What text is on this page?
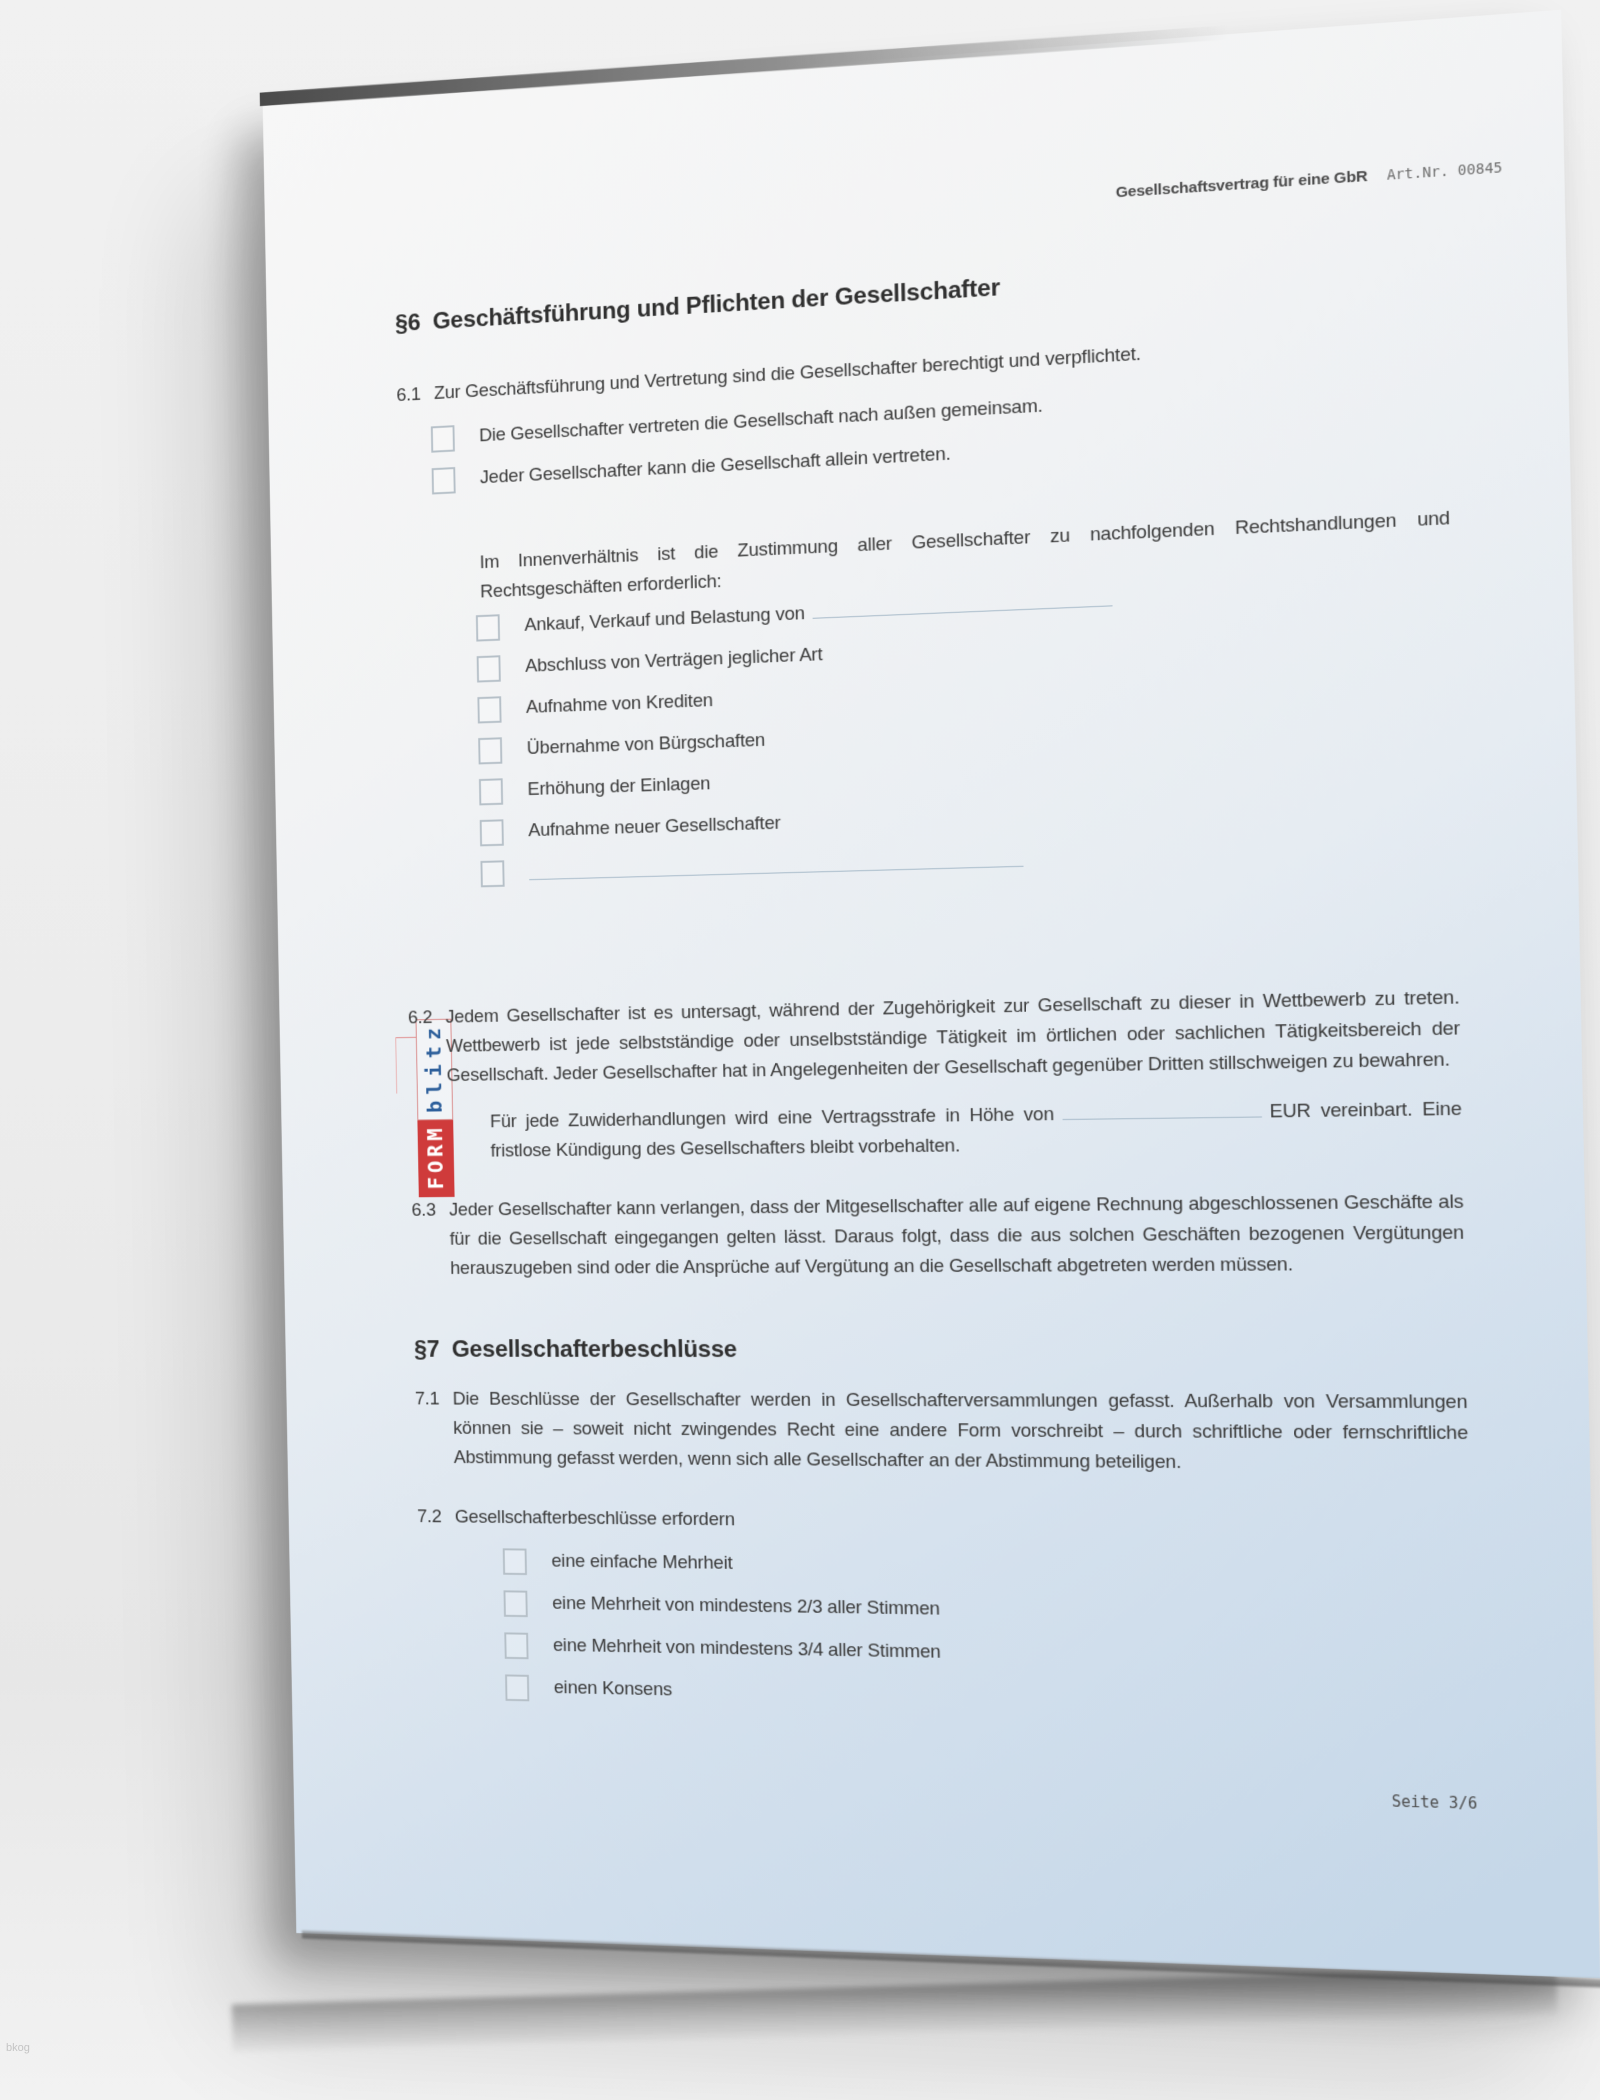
Gesellschaftsvertrag für eine GbR Art.Nr. 00845
FORM
blitz
§6 Geschäftsführung und Pflichten der Gesellschafter
6.1 Zur Geschäftsführung und Vertretung sind die Gesellschafter berechtigt und verpflichtet.
Die Gesellschafter vertreten die Gesellschaft nach außen gemeinsam.
Jeder Gesellschafter kann die Gesellschaft allein vertreten.
Im Innenverhältnis ist die Zustimmung aller Gesellschafter zu nachfolgenden Rechtshandlungen und Rechtsgeschäften erforderlich:
Ankauf, Verkauf und Belastung von
Abschluss von Verträgen jeglicher Art
Aufnahme von Krediten
Übernahme von Bürgschaften
Erhöhung der Einlagen
Aufnahme neuer Gesellschafter
6.2 Jedem Gesellschafter ist es untersagt, während der Zugehörigkeit zur Gesellschaft zu dieser in Wettbewerb zu treten. Wettbewerb ist jede selbstständige oder unselbstständige Tätigkeit im örtlichen oder sachlichen Tätigkeitsbereich der Gesellschaft. Jeder Gesellschafter hat in Angelegenheiten der Gesellschaft gegenüber Dritten stillschweigen zu bewahren.
Für jede Zuwiderhandlungen wird eine Vertragsstrafe in Höhe von	EUR vereinbart. Eine fristlose Kündigung des Gesellschafters bleibt vorbehalten.
6.3 Jeder Gesellschafter kann verlangen, dass der Mitgesellschafter alle auf eigene Rechnung abgeschlossenen Geschäfte als für die Gesellschaft eingegangen gelten lässt. Daraus folgt, dass die aus solchen Geschäften bezogenen Vergütungen herauszugeben sind oder die Ansprüche auf Vergütung an die Gesellschaft abgetreten werden müssen.
§7 Gesellschafterbeschlüsse
7.1 Die Beschlüsse der Gesellschafter werden in Gesellschafterversammlungen gefasst. Außerhalb von Versammlungen können sie – soweit nicht zwingendes Recht eine andere Form vorschreibt – durch schriftliche oder fernschriftliche Abstimmung gefasst werden, wenn sich alle Gesellschafter an der Abstimmung beteiligen.
7.2 Gesellschafterbeschlüsse erfordern
eine einfache Mehrheit
eine Mehrheit von mindestens 2/3 aller Stimmen
eine Mehrheit von mindestens 3/4 aller Stimmen
einen Konsens
Seite 3/6
bkog
